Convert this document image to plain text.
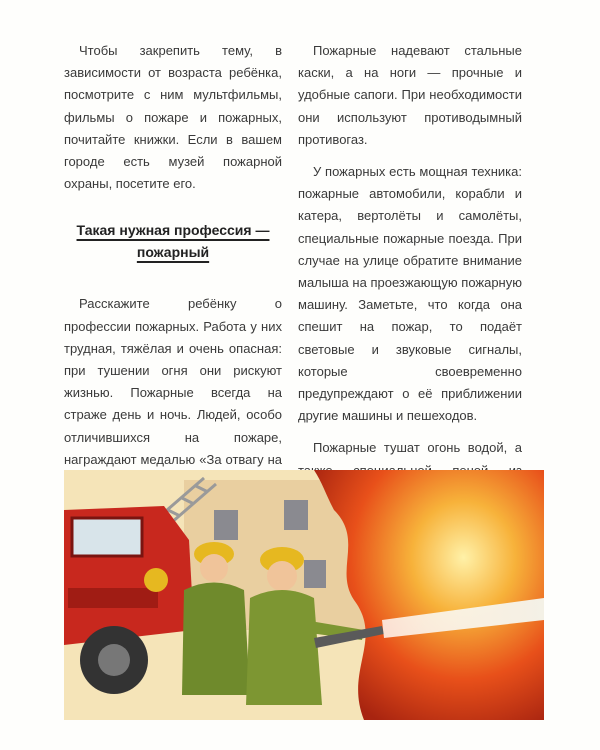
Чтобы закрепить тему, в зависимости от возраста ребёнка, посмотрите с ним мультфильмы, фильмы о пожаре и пожарных, почитайте книжки. Если в вашем городе есть музей пожарной охраны, посетите его.

Такая нужная профессия — пожарный

Расскажите ребёнку о профессии пожарных. Работа у них трудная, тяжёлая и очень опасная: при тушении огня они рискуют жизнью. Пожарные всегда на страже день и ночь. Людей, особо отличившихся на пожаре, награждают медалью «За отвагу на

Пожарные надевают стальные каски, а на ноги — прочные и удобные сапоги. При необходимости они используют противодымный противогаз.

У пожарных есть мощная техника: пожарные автомобили, корабли и катера, вертолёты и самолёты, специальные пожарные поезда. При случае на улице обратите внимание малыша на проезжающую пожарную машину. Заметьте, что когда она спешит на пожар, то подаёт световые и звуковые сигналы, которые своевременно предупреждают о её приближении другие машины и пешеходов.

Пожарные тушат огонь водой, а
